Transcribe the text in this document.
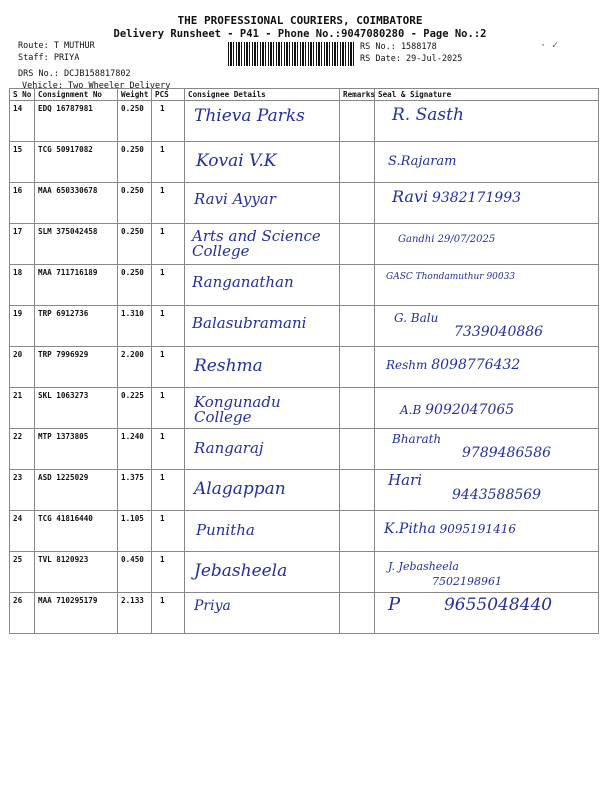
THE PROFESSIONAL COURIERS, COIMBATORE
Delivery Runsheet - P41 - Phone No.:9047080280 - Page No.:2
Route: T MUTHUR
Staff: PRIYA
DRS No.: DCJB158817802
Vehicle: Two Wheeler Delivery
RS No.: 1588178
RS Date: 29-Jul-2025
· ✓
S No	Consignment No	Weight	PCS	Consignee Details	Remarks	Seal & Signature
14	EDQ 16787981	0.250	1	Thieva Parks		R. Sasth

15	TCG 50917082	0.250	1	Kovai V.K		S.Rajaram

16	MAA 650330678	0.250	1	Ravi Ayyar		Ravi 9382171993

17	SLM 375042458	0.250	1	Arts and Science College		Gandhi 29/07/2025

18	MAA 711716189	0.250	1	Ranganathan		GASC Thondamuthur 90033

19	TRP 6912736	1.310	1	Balasubramani		G. Balu
7339040886

20	TRP 7996929	2.200	1	Reshma		Reshm 8098776432

21	SKL 1063273	0.225	1	Kongunadu College		A.B 9092047065

22	MTP 1373805	1.240	1	Rangaraj		Bharath
9789486586

23	ASD 1225029	1.375	1	Alagappan		Hari
9443588569

24	TCG 41816440	1.105	1	Punitha		K.Pitha 9095191416

25	TVL 8120923	0.450	1	Jebasheela		J. Jebasheela
7502198961

26	MAA 710295179	2.133	1	Priya		P 9655048440
